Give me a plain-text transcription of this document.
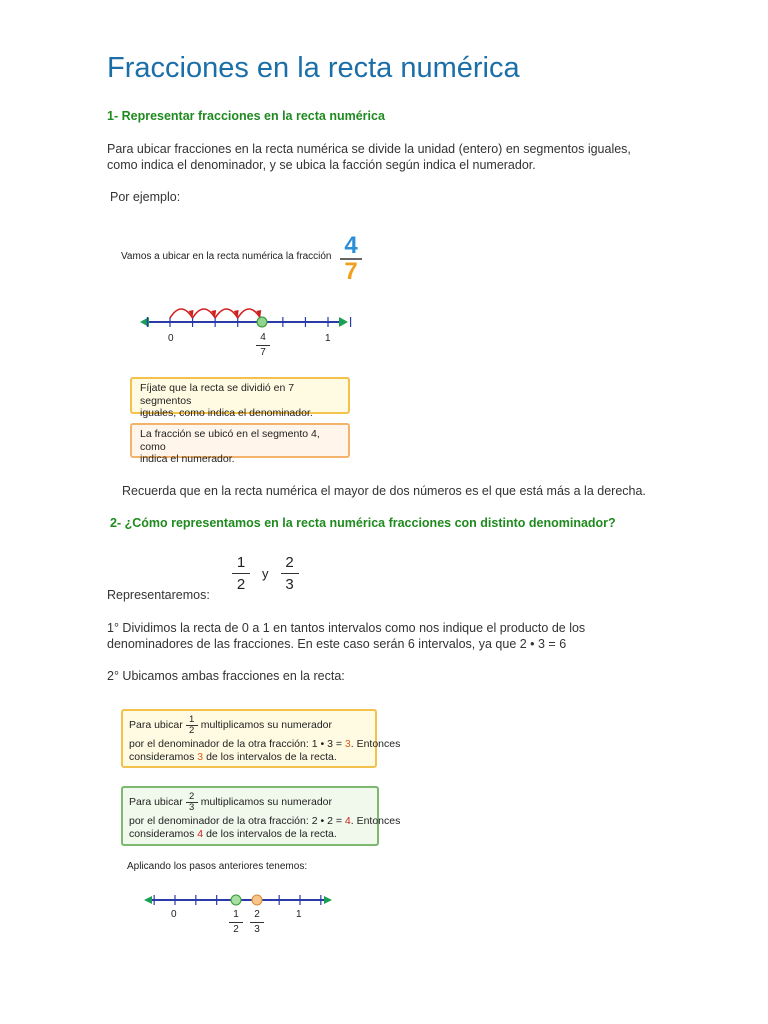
Fracciones en la recta numérica
1- Representar fracciones en la recta numérica
Para ubicar fracciones en la recta numérica se divide la unidad (entero) en segmentos iguales,
como indica el denominador, y se ubica la facción según indica el numerador.
Por ejemplo:
Vamos a ubicar en la recta numérica la fracción 4
7
0	1
4
7
Fíjate que la recta se dividió en 7 segmentos
iguales, como indica el denominador.
La fracción se ubicó en el segmento 4, como
indica el numerador.
Recuerda que en la recta numérica el mayor de dos números es el que está más a la derecha.
2- ¿Cómo representamos en la recta numérica fracciones con distinto denominador?
$\frac{1}{2}$ y $\frac{2}{3}$
Representaremos:
1° Dividimos la recta de 0 a 1 en tantos intervalos como nos indique el producto de los
denominadores de las fracciones. En este caso serán 6 intervalos, ya que 2 • 3 = 6
2° Ubicamos ambas fracciones en la recta:
Para ubicar $\frac{1}{2}$ multiplicamos su numerador
por el denominador de la otra fracción: 1 • 3 = 3. Entonces
consideramos 3 de los intervalos de la recta.
Para ubicar $\frac{2}{3}$ multiplicamos su numerador
por el denominador de la otra fracción: 2 • 2 = 4. Entonces
consideramos 4 de los intervalos de la recta.
Aplicando los pasos anteriores tenemos:
0	1
1
2
2
3
